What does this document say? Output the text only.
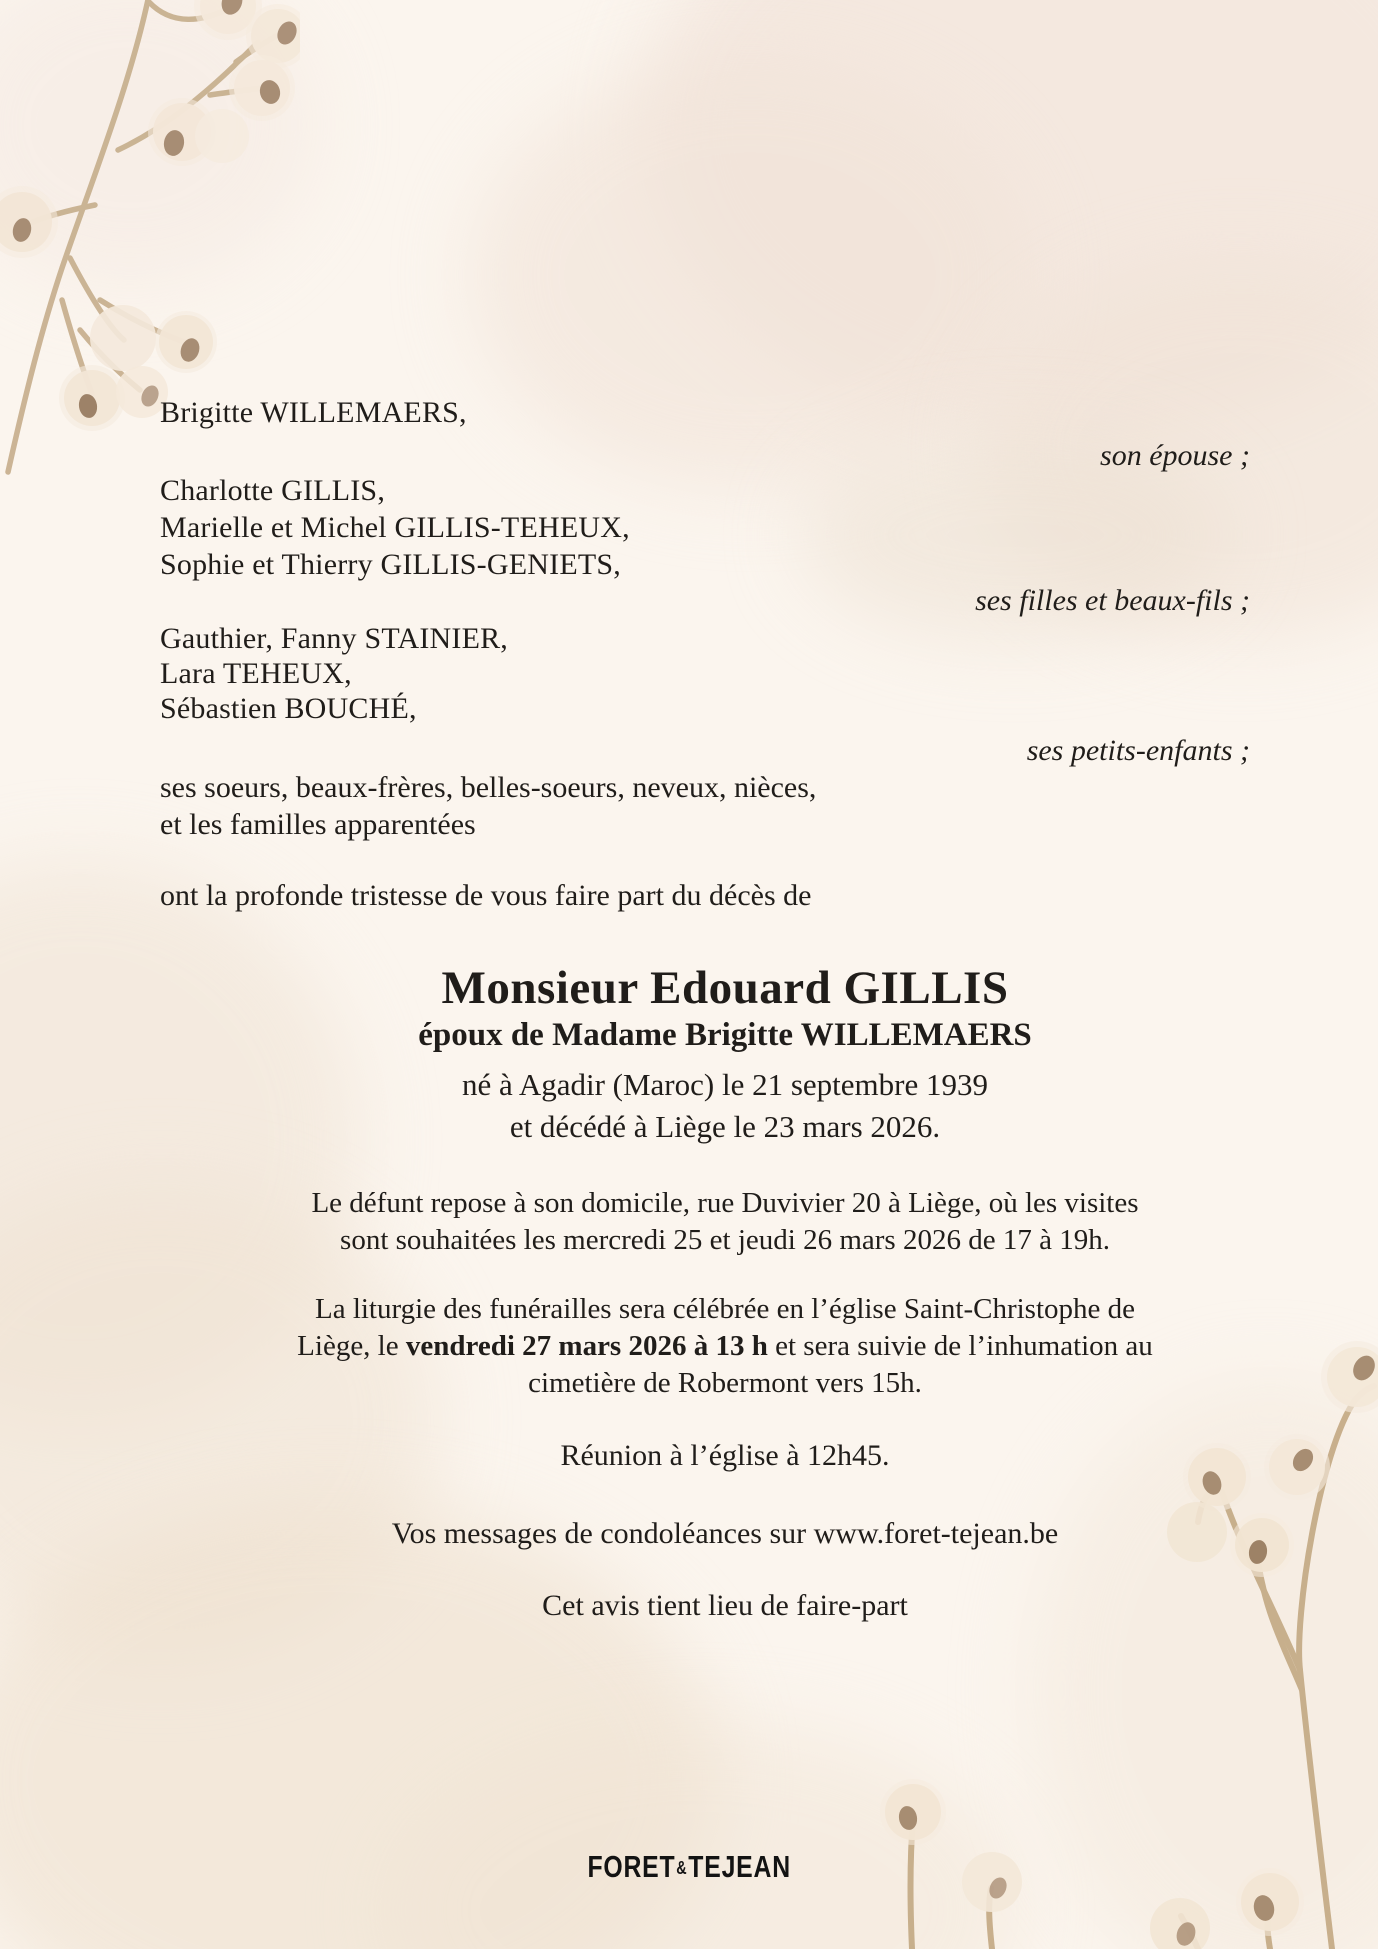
Brigitte WILLEMAERS,
son épouse ;
Charlotte GILLIS,
Marielle et Michel GILLIS-TEHEUX,
Sophie et Thierry GILLIS-GENIETS,
ses filles et beaux-fils ;
Gauthier, Fanny STAINIER,
Lara TEHEUX,
Sébastien BOUCHÉ,
ses petits-enfants ;
ses soeurs, beaux-frères, belles-soeurs, neveux, nièces,
et les familles apparentées
ont la profonde tristesse de vous faire part du décès de
Monsieur Edouard GILLIS
époux de Madame Brigitte WILLEMAERS
né à Agadir (Maroc) le 21 septembre 1939
et décédé à Liège le 23 mars 2026.
Le défunt repose à son domicile, rue Duvivier 20 à Liège, où les visites
sont souhaitées les mercredi 25 et jeudi 26 mars 2026 de 17 à 19h.
La liturgie des funérailles sera célébrée en l’église Saint-Christophe de
Liège, le vendredi 27 mars 2026 à 13 h et sera suivie de l’inhumation au
cimetière de Robermont vers 15h.
Réunion à l’église à 12h45.
Vos messages de condoléances sur www.foret-tejean.be
Cet avis tient lieu de faire-part
FORET&TEJEAN
